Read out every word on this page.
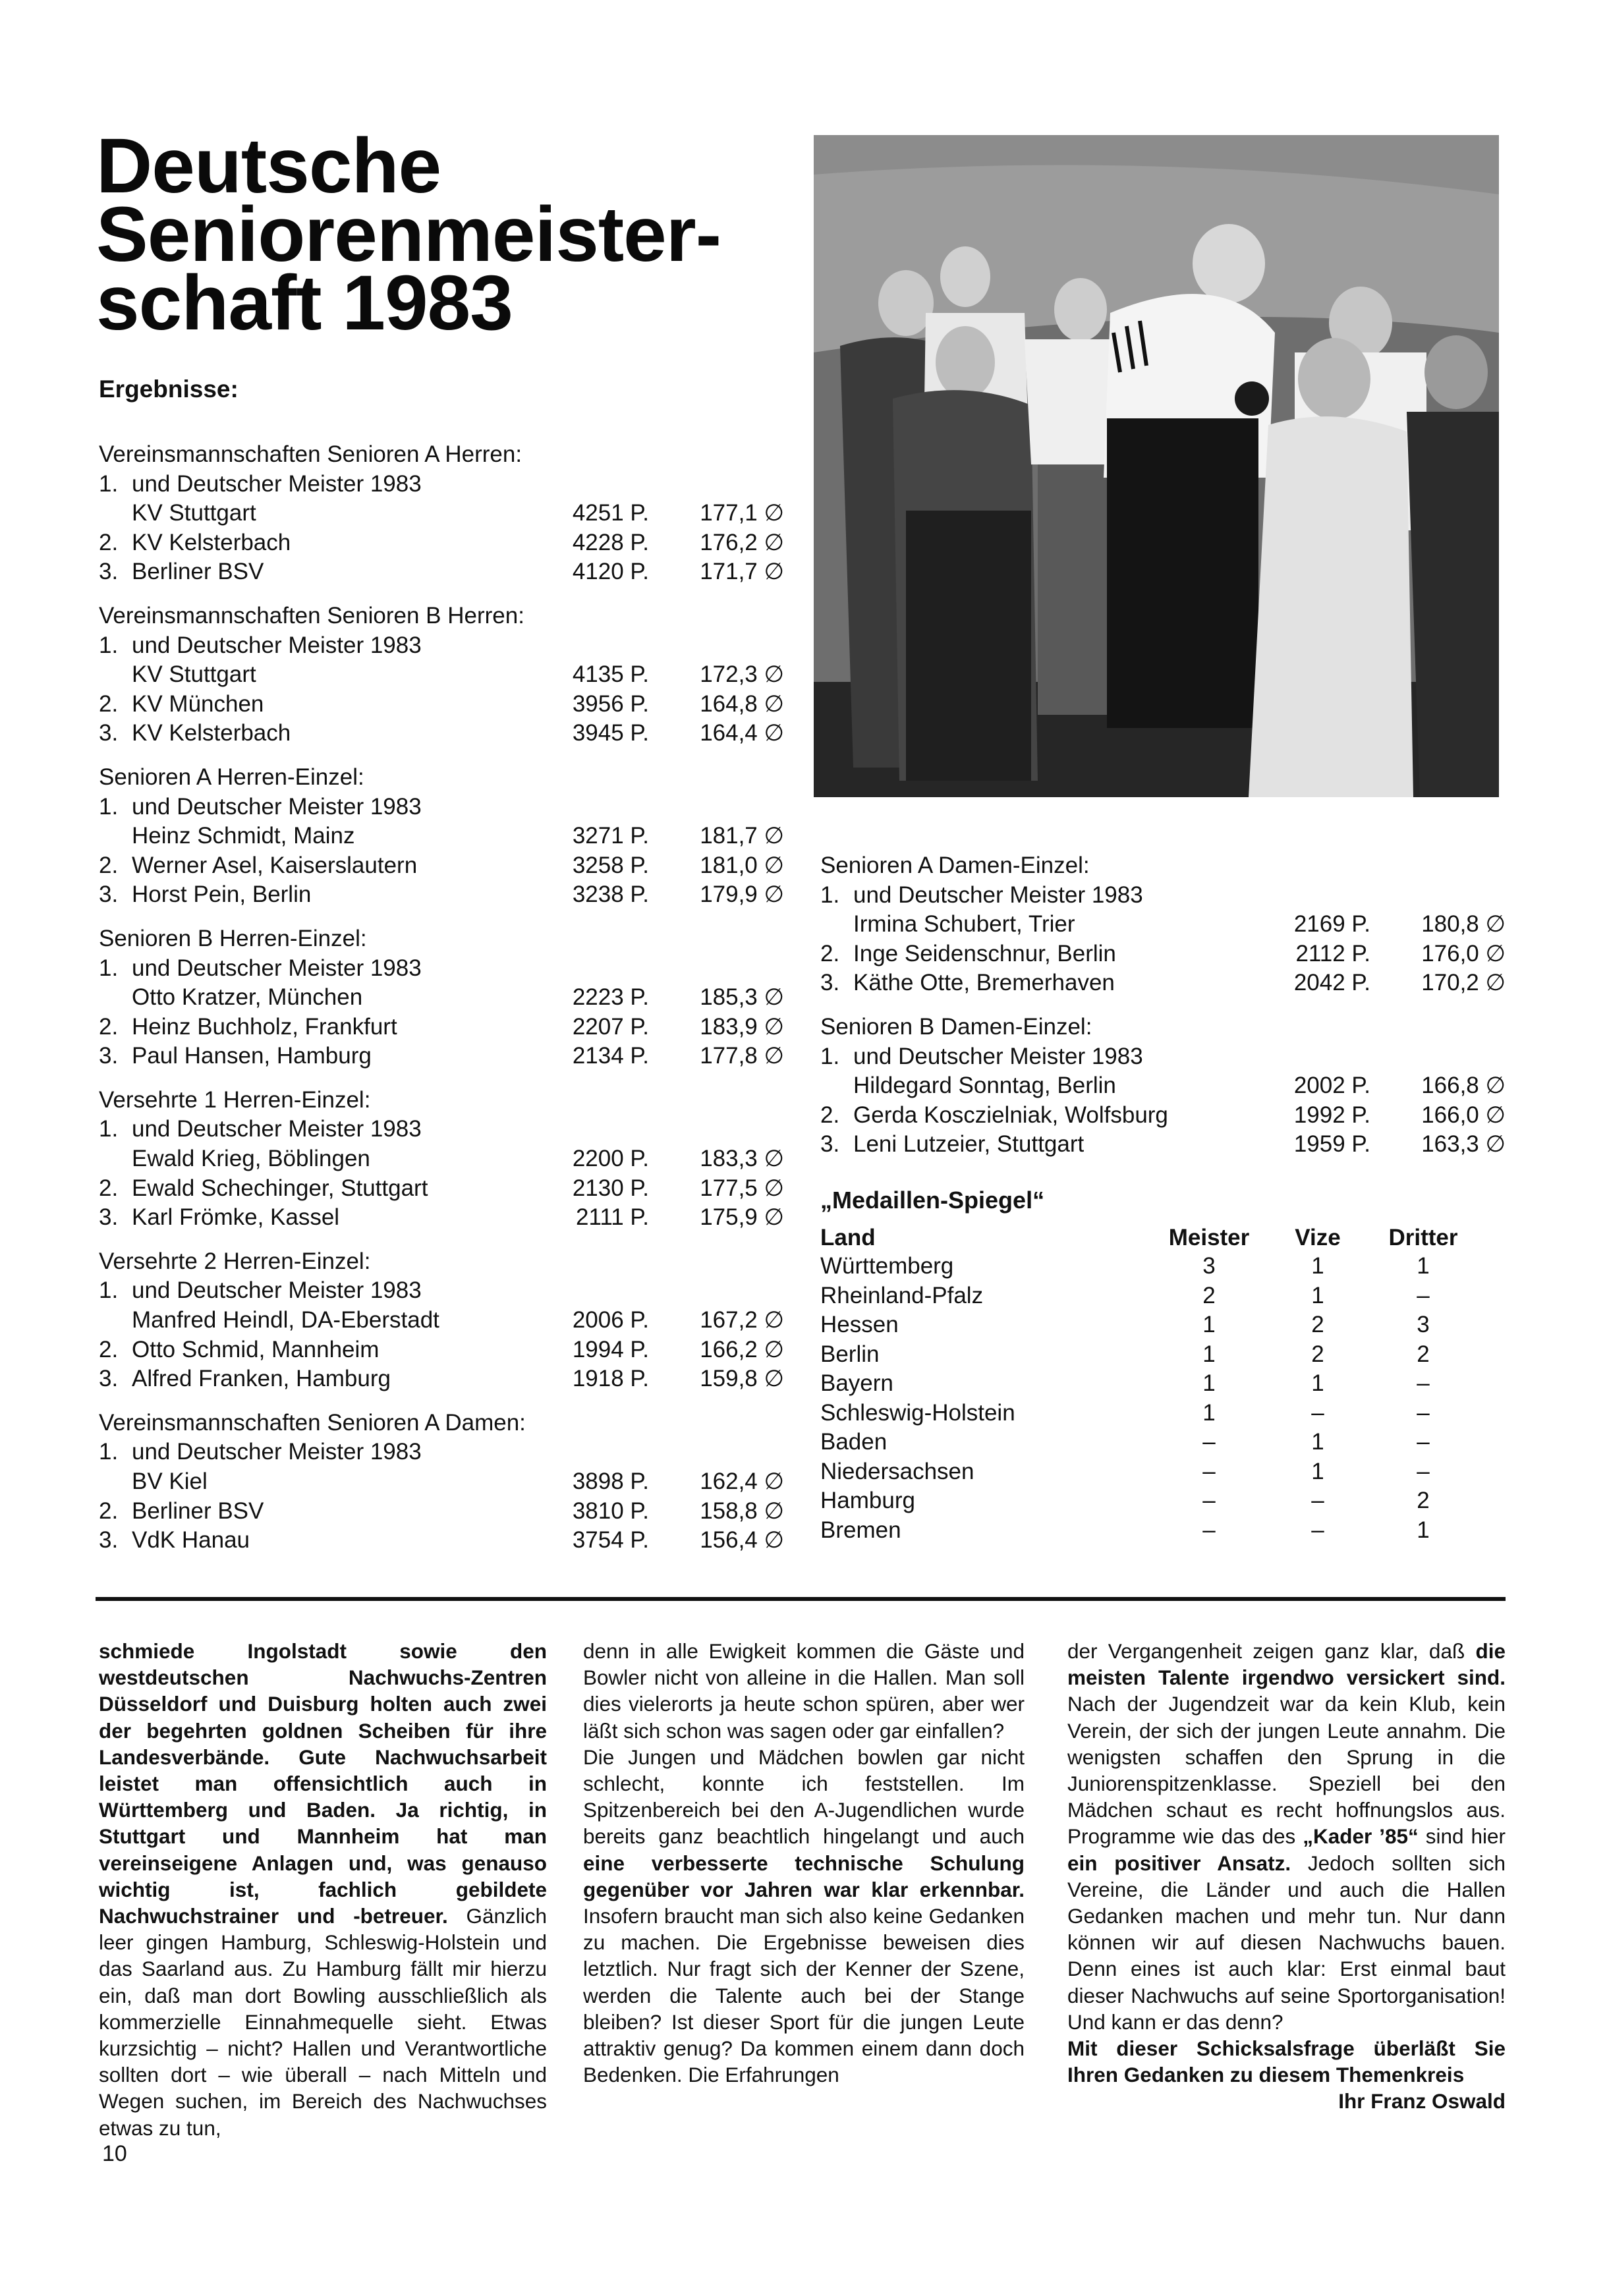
Deutsche
Seniorenmeister-
schaft 1983
Ergebnisse:
Vereinsmannschaften Senioren A Herren:
1. und Deutscher Meister 1983
KV Stuttgart	4251 P. 177,1 ∅
2. KV Kelsterbach	4228 P. 176,2 ∅
3. Berliner BSV	4120 P. 171,7 ∅
Vereinsmannschaften Senioren B Herren:
1. und Deutscher Meister 1983
KV Stuttgart	4135 P. 172,3 ∅
2. KV München	3956 P. 164,8 ∅
3. KV Kelsterbach	3945 P. 164,4 ∅
Senioren A Herren-Einzel:
1. und Deutscher Meister 1983
Heinz Schmidt, Mainz	3271 P. 181,7 ∅
2. Werner Asel, Kaiserslautern	3258 P. 181,0 ∅
3. Horst Pein, Berlin	3238 P. 179,9 ∅
Senioren B Herren-Einzel:
1. und Deutscher Meister 1983
Otto Kratzer, München	2223 P. 185,3 ∅
2. Heinz Buchholz, Frankfurt	2207 P. 183,9 ∅
3. Paul Hansen, Hamburg	2134 P. 177,8 ∅
Versehrte 1 Herren-Einzel:
1. und Deutscher Meister 1983
Ewald Krieg, Böblingen	2200 P. 183,3 ∅
2. Ewald Schechinger, Stuttgart	2130 P. 177,5 ∅
3. Karl Frömke, Kassel	2111 P. 175,9 ∅
Versehrte 2 Herren-Einzel:
1. und Deutscher Meister 1983
Manfred Heindl, DA-Eberstadt	2006 P. 167,2 ∅
2. Otto Schmid, Mannheim	1994 P. 166,2 ∅
3. Alfred Franken, Hamburg	1918 P. 159,8 ∅
Vereinsmannschaften Senioren A Damen:
1. und Deutscher Meister 1983
BV Kiel	3898 P. 162,4 ∅
2. Berliner BSV	3810 P. 158,8 ∅
3. VdK Hanau	3754 P. 156,4 ∅
Senioren A Damen-Einzel:
1. und Deutscher Meister 1983
Irmina Schubert, Trier	2169 P. 180,8 ∅
2. Inge Seidenschnur, Berlin	2112 P. 176,0 ∅
3. Käthe Otte, Bremerhaven	2042 P. 170,2 ∅
Senioren B Damen-Einzel:
1. und Deutscher Meister 1983
Hildegard Sonntag, Berlin	2002 P. 166,8 ∅
2. Gerda Kosczielniak, Wolfsburg	1992 P. 166,0 ∅
3. Leni Lutzeier, Stuttgart	1959 P. 163,3 ∅
„Medaillen-Spiegel“
Land	Meister	Vize	Dritter
Württemberg	3	1	1
Rheinland-Pfalz	2	1	–
Hessen	1	2	3
Berlin	1	2	2
Bayern	1	1	–
Schleswig-Holstein	1	–	–
Baden	–	1	–
Niedersachsen	–	1	–
Hamburg	–	–	2
Bremen	–	–	1

schmiede Ingolstadt sowie den westdeutschen Nachwuchs-Zentren Düsseldorf und Duisburg holten auch zwei der begehrten goldnen Scheiben für ihre Landesverbände. Gute Nachwuchsarbeit leistet man offensichtlich auch in Württemberg und Baden. Ja richtig, in Stuttgart und Mannheim hat man vereinseigene Anlagen und, was genauso wichtig ist, fachlich gebildete Nachwuchstrainer und -betreuer. Gänzlich leer gingen Hamburg, Schleswig-Holstein und das Saarland aus. Zu Hamburg fällt mir hierzu ein, daß man dort Bowling ausschließlich als kommerzielle Einnahmequelle sieht. Etwas kurzsichtig – nicht? Hallen und Verantwortliche sollten dort – wie überall – nach Mitteln und Wegen suchen, im Bereich des Nachwuchses etwas zu tun,

denn in alle Ewigkeit kommen die Gäste und Bowler nicht von alleine in die Hallen. Man soll dies vielerorts ja heute schon spüren, aber wer läßt sich schon was sagen oder gar einfallen?
Die Jungen und Mädchen bowlen gar nicht schlecht, konnte ich feststellen. Im Spitzenbereich bei den A-Jugendlichen wurde bereits ganz beachtlich hingelangt und auch eine verbesserte technische Schulung gegenüber vor Jahren war klar erkennbar. Insofern braucht man sich also keine Gedanken zu machen. Die Ergebnisse beweisen dies letztlich. Nur fragt sich der Kenner der Szene, werden die Talente auch bei der Stange bleiben? Ist dieser Sport für die jungen Leute attraktiv genug? Da kommen einem dann doch Bedenken. Die Erfahrungen

der Vergangenheit zeigen ganz klar, daß die meisten Talente irgendwo versickert sind. Nach der Jugendzeit war da kein Klub, kein Verein, der sich der jungen Leute annahm. Die wenigsten schaffen den Sprung in die Juniorenspitzenklasse. Speziell bei den Mädchen schaut es recht hoffnungslos aus. Programme wie das des „Kader ’85“ sind hier ein positiver Ansatz. Jedoch sollten sich Vereine, die Länder und auch die Hallen Gedanken machen und mehr tun. Nur dann können wir auf diesen Nachwuchs bauen. Denn eines ist auch klar: Erst einmal baut dieser Nachwuchs auf seine Sportorganisation! Und kann er das denn?
Mit dieser Schicksalsfrage überläßt Sie Ihren Gedanken zu diesem Themenkreis

Ihr Franz Oswald

10
